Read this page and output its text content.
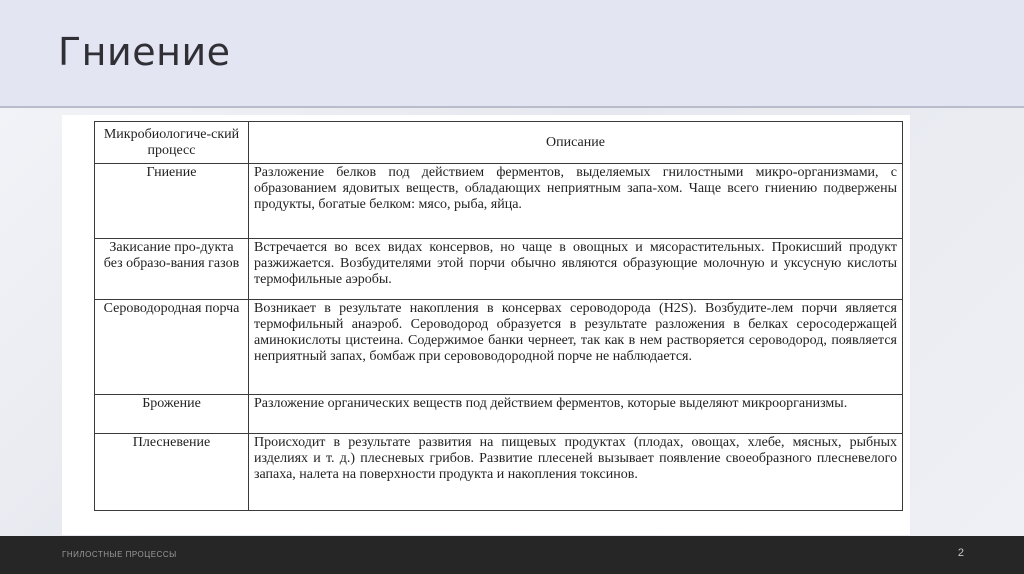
Гниение
Микробиологиче-ский процесс	Описание
Гниение	Разложение белков под действием ферментов, выделяемых гнилостными микро-организмами, с образованием ядовитых веществ, обладающих неприятным запа-хом. Чаще всего гниению подвержены продукты, богатые белком: мясо, рыба, яйца.
Закисание про-дукта без образо-вания газов	Встречается во всех видах консервов, но чаще в овощных и мясорастительных. Прокисший продукт разжижается. Возбудителями этой порчи обычно являются образующие молочную и уксусную кислоты термофильные аэробы.
Сероводородная порча	Возникает в результате накопления в консервах сероводорода (H2S). Возбудите-лем порчи является термофильный анаэроб. Сероводород образуется в результате разложения в белках серосодержащей аминокислоты цистеина. Содержимое банки чернеет, так как в нем растворяется сероводород, появляется неприятный запах, бомбаж при серововодородной порче не наблюдается.
Брожение	Разложение органических веществ под действием ферментов, которые выделяют микроорганизмы.
Плесневение	Происходит в результате развития на пищевых продуктах (плодах, овощах, хлебе, мясных, рыбных изделиях и т. д.) плесневых грибов. Развитие плесеней вызывает появление своеобразного плесневелого запаха, налета на поверхности продукта и накопления токсинов.
ГНИЛОСТНЫЕ ПРОЦЕССЫ	2
